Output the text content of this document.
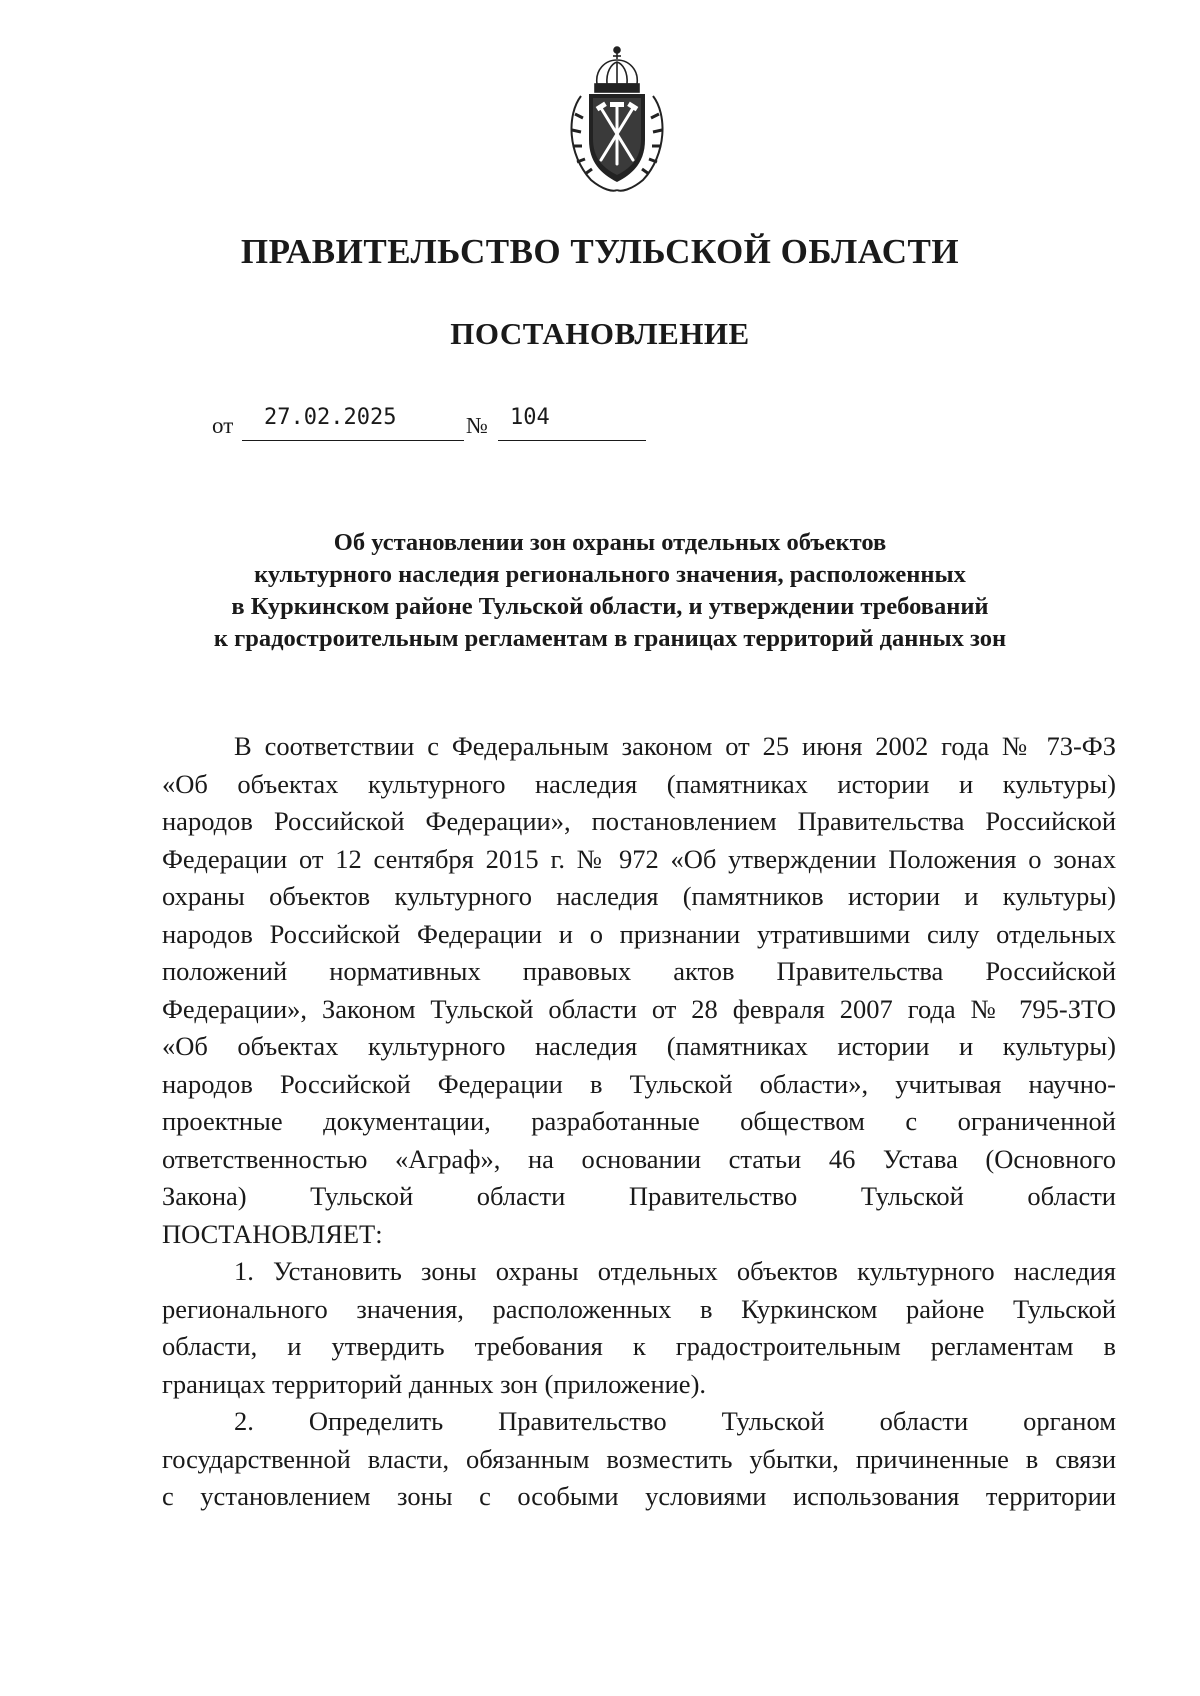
ПРАВИТЕЛЬСТВО ТУЛЬСКОЙ ОБЛАСТИ
ПОСТАНОВЛЕНИЕ
от 27.02.2025	№ 104
Об установлении зон охраны отдельных объектов
культурного наследия регионального значения, расположенных
в Куркинском районе Тульской области, и утверждении требований
к градостроительным регламентам в границах территорий данных зон
В соответствии с Федеральным законом от 25 июня 2002 года № 73-ФЗ
«Об объектах культурного наследия (памятниках истории и культуры)
народов Российской Федерации», постановлением Правительства Российской
Федерации от 12 сентября 2015 г. № 972 «Об утверждении Положения о зонах
охраны объектов культурного наследия (памятников истории и культуры)
народов Российской Федерации и о признании утратившими силу отдельных
положений нормативных правовых актов Правительства Российской
Федерации», Законом Тульской области от 28 февраля 2007 года № 795-ЗТО
«Об объектах культурного наследия (памятниках истории и культуры)
народов Российской Федерации в Тульской области», учитывая научно-
проектные документации, разработанные обществом с ограниченной
ответственностью «Аграф», на основании статьи 46 Устава (Основного
Закона) Тульской области Правительство Тульской области
ПОСТАНОВЛЯЕТ:
1. Установить зоны охраны отдельных объектов культурного наследия
регионального значения, расположенных в Куркинском районе Тульской
области, и утвердить требования к градостроительным регламентам в
границах территорий данных зон (приложение).
2. Определить Правительство Тульской области органом
государственной власти, обязанным возместить убытки, причиненные в связи
с установлением зоны с особыми условиями использования территории
